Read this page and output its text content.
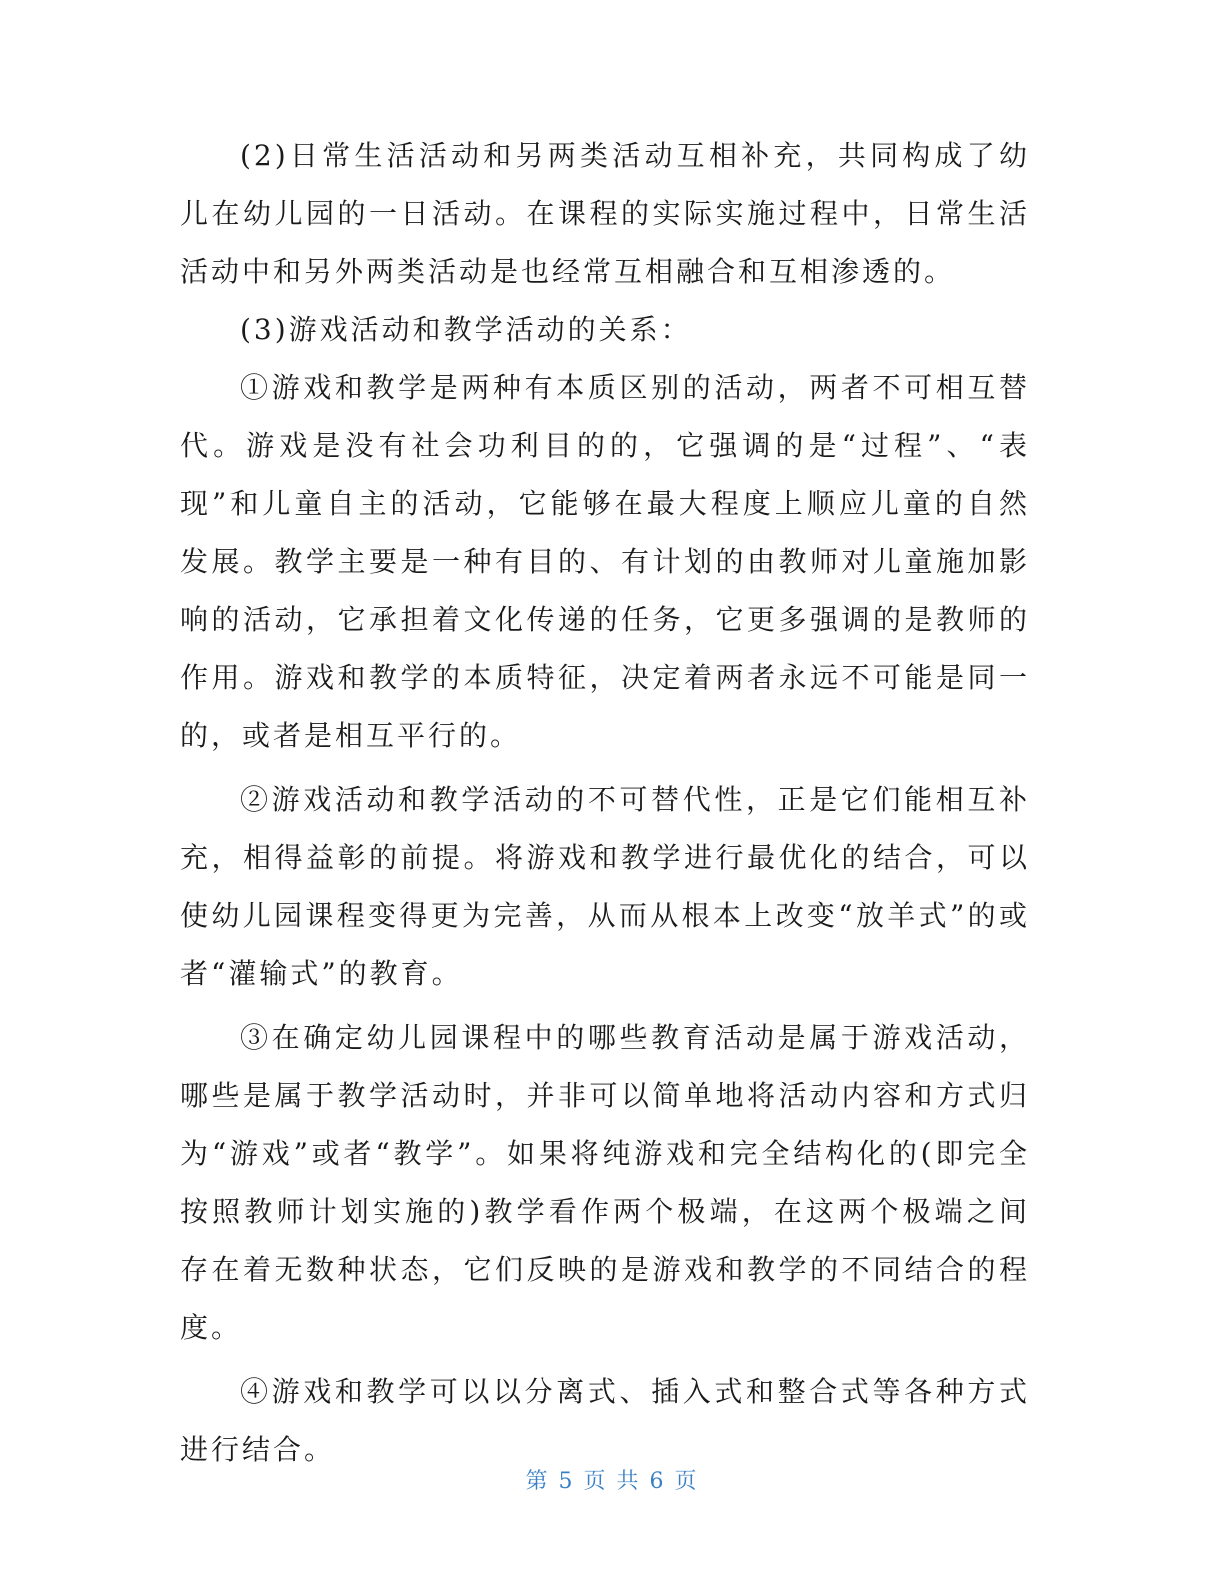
(2)日常生活活动和另两类活动互相补充，共同构成了幼儿在幼儿园的一日活动。在课程的实际实施过程中，日常生活活动中和另外两类活动是也经常互相融合和互相渗透的。

(3)游戏活动和教学活动的关系：

①游戏和教学是两种有本质区别的活动，两者不可相互替代。游戏是没有社会功利目的的，它强调的是“过程”、“表现”和儿童自主的活动，它能够在最大程度上顺应儿童的自然发展。教学主要是一种有目的、有计划的由教师对儿童施加影响的活动，它承担着文化传递的任务，它更多强调的是教师的作用。游戏和教学的本质特征，决定着两者永远不可能是同一的，或者是相互平行的。

②游戏活动和教学活动的不可替代性，正是它们能相互补充，相得益彰的前提。将游戏和教学进行最优化的结合，可以使幼儿园课程变得更为完善，从而从根本上改变“放羊式”的或者“灌输式”的教育。

③在确定幼儿园课程中的哪些教育活动是属于游戏活动，哪些是属于教学活动时，并非可以简单地将活动内容和方式归为“游戏”或者“教学”。如果将纯游戏和完全结构化的(即完全按照教师计划实施的)教学看作两个极端，在这两个极端之间存在着无数种状态，它们反映的是游戏和教学的不同结合的程度。

④游戏和教学可以以分离式、插入式和整合式等各种方式进行结合。

第 5 页 共 6 页
